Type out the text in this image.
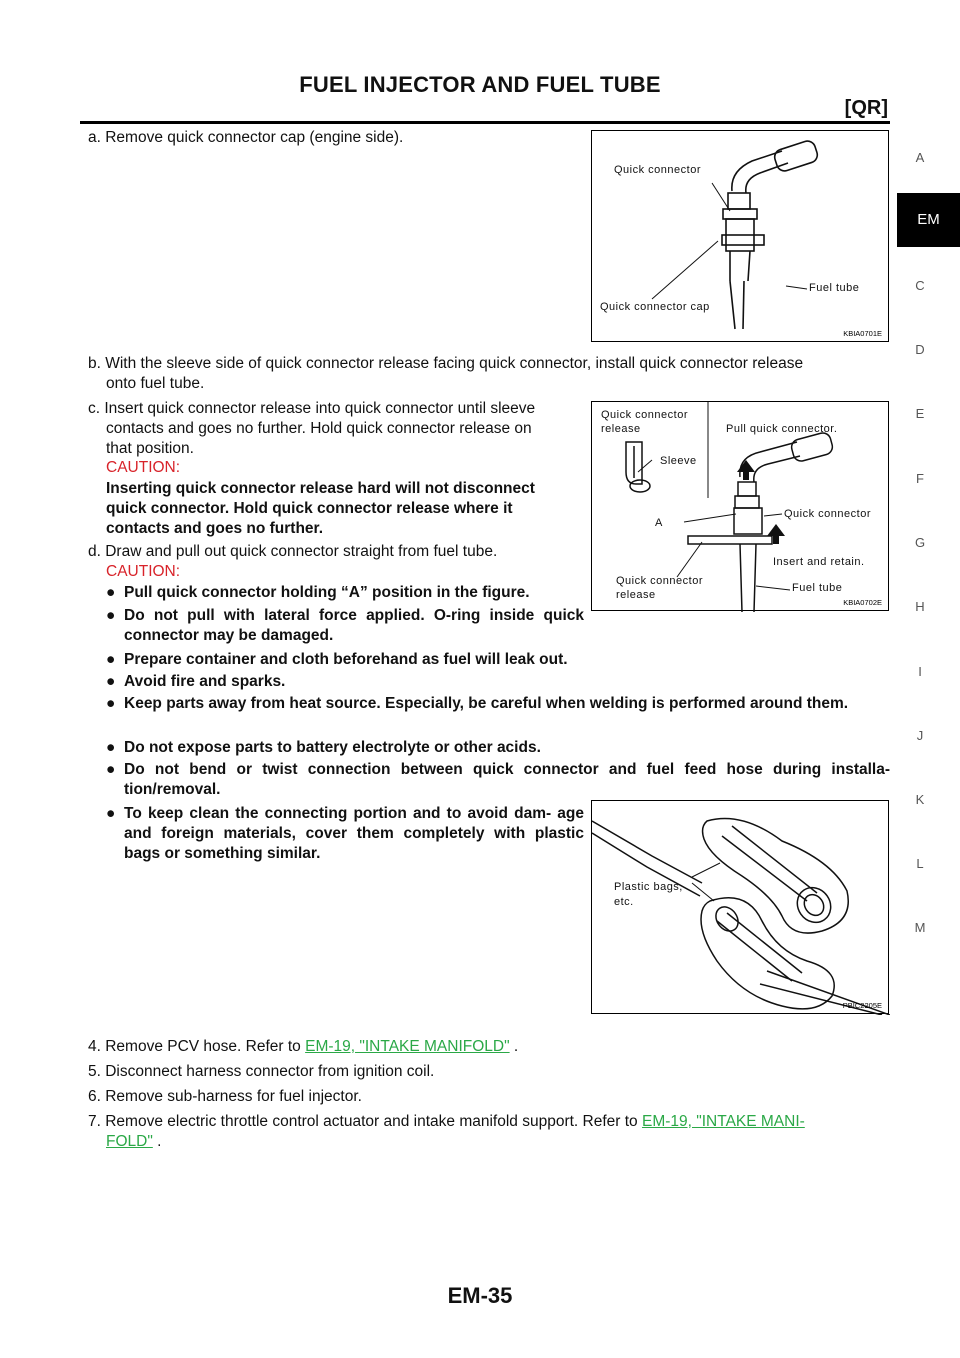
FUEL INJECTOR AND FUEL TUBE
[QR]
A
EM
C
D
E
F
G
H
I
J
K
L
M
a. Remove quick connector cap (engine side).
Quick connector
Fuel tube
Quick connector cap
KBIA0701E
b. With the sleeve side of quick connector release facing quick connector, install quick connector release
onto fuel tube.
c. Insert quick connector release into quick connector until sleeve
contacts and goes no further. Hold quick connector release on
that position.
CAUTION:
Inserting quick connector release hard will not disconnect
quick connector. Hold quick connector release where it
contacts and goes no further.
Quick connector
release
Sleeve
Pull quick connector.
A
Quick connector
Insert and retain.
Quick connector
release
Fuel tube
KBIA0702E
d. Draw and pull out quick connector straight from fuel tube.
CAUTION:
● Pull quick connector holding “A” position in the figure.
● Do not pull with lateral force applied. O-ring inside quick connector may be damaged.
● Prepare container and cloth beforehand as fuel will leak out.
● Avoid fire and sparks.
● Keep parts away from heat source. Especially, be careful when welding is performed around them.
● Do not expose parts to battery electrolyte or other acids.
● Do not bend or twist connection between quick connector and fuel feed hose during installa- tion/removal.
● To keep clean the connecting portion and to avoid dam- age and foreign materials, cover them completely with plastic bags or something similar.
Plastic bags,
etc.
PBIC2205E
4. Remove PCV hose. Refer to EM-19, "INTAKE MANIFOLD" .
5. Disconnect harness connector from ignition coil.
6. Remove sub-harness for fuel injector.
7. Remove electric throttle control actuator and intake manifold support. Refer to EM-19, "INTAKE MANI-
FOLD" .
EM-35
